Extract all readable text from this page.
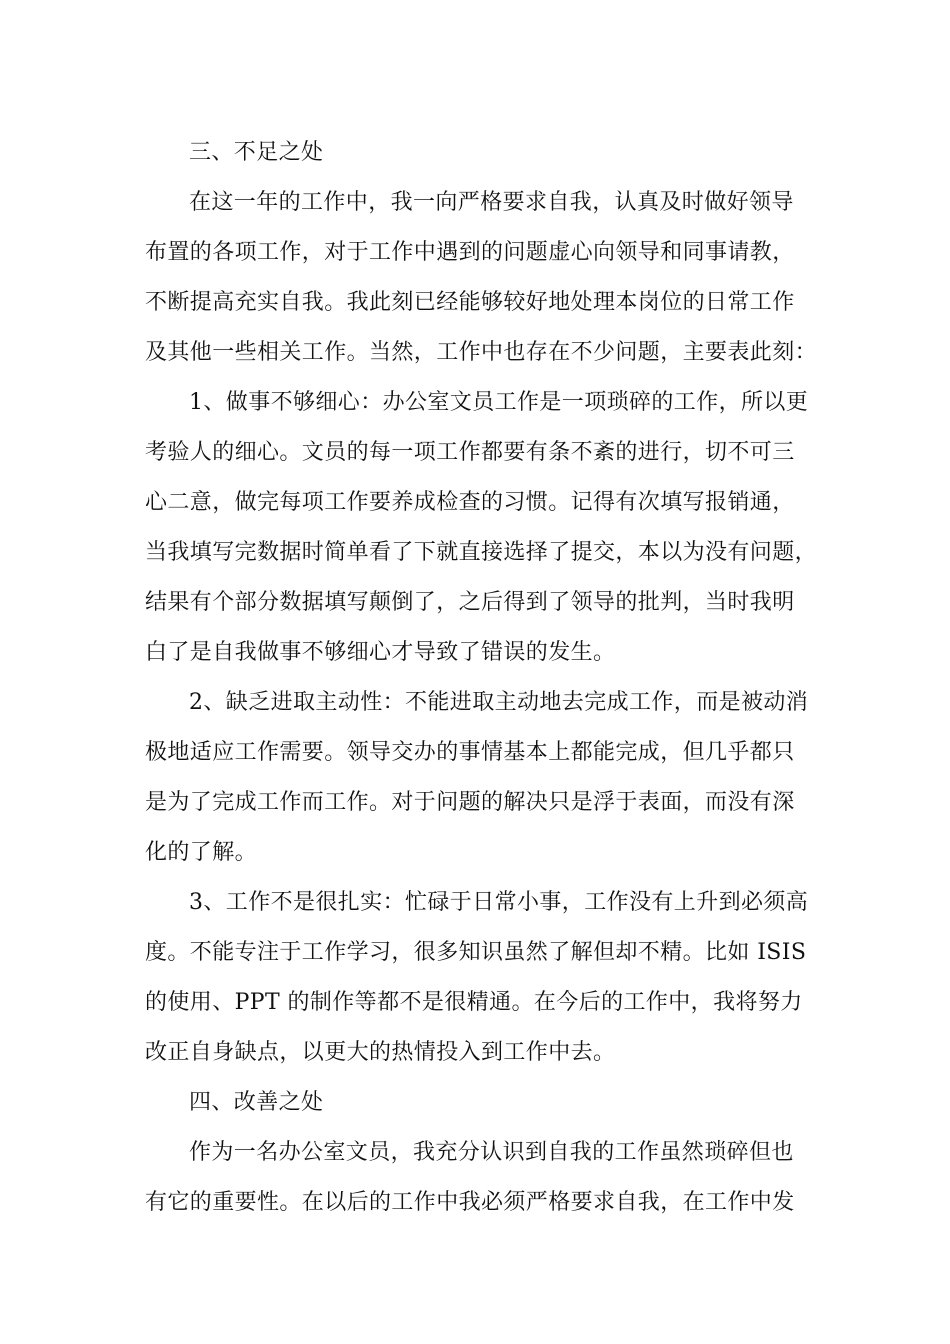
三、不足之处

在这一年的工作中，我一向严格要求自我，认真及时做好领导
布置的各项工作，对于工作中遇到的问题虚心向领导和同事请教，
不断提高充实自我。我此刻已经能够较好地处理本岗位的日常工作
及其他一些相关工作。当然，工作中也存在不少问题，主要表此刻：
1、做事不够细心：办公室文员工作是一项琐碎的工作，所以更
考验人的细心。文员的每一项工作都要有条不紊的进行，切不可三
心二意，做完每项工作要养成检查的习惯。记得有次填写报销通，
当我填写完数据时简单看了下就直接选择了提交，本以为没有问题，
结果有个部分数据填写颠倒了，之后得到了领导的批判，当时我明
白了是自我做事不够细心才导致了错误的发生。
2、缺乏进取主动性：不能进取主动地去完成工作，而是被动消
极地适应工作需要。领导交办的事情基本上都能完成，但几乎都只
是为了完成工作而工作。对于问题的解决只是浮于表面，而没有深
化的了解。
3、工作不是很扎实：忙碌于日常小事，工作没有上升到必须高
度。不能专注于工作学习，很多知识虽然了解但却不精。比如 ISIS
的使用、PPT 的制作等都不是很精通。在今后的工作中，我将努力
改正自身缺点，以更大的热情投入到工作中去。

四、改善之处

作为一名办公室文员，我充分认识到自我的工作虽然琐碎但也
有它的重要性。在以后的工作中我必须严格要求自我，在工作中发
